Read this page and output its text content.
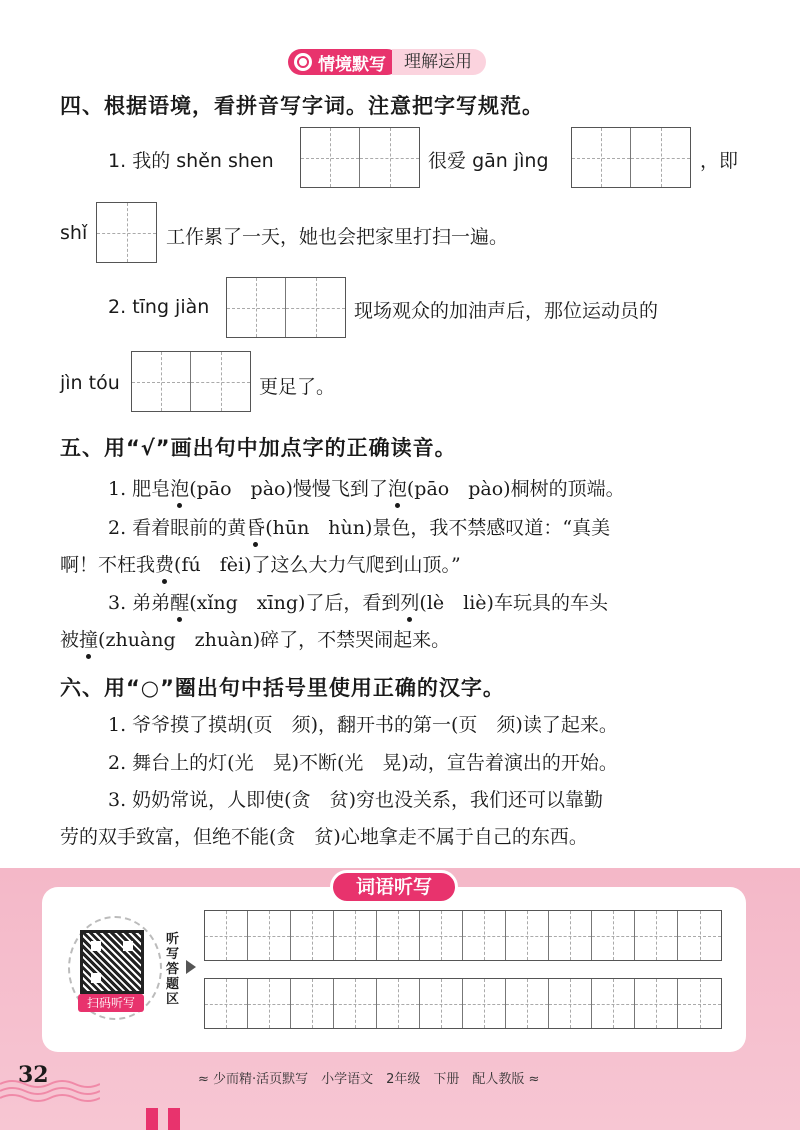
情境默写	理解运用
四、根据语境，看拼音写字词。注意把字写规范。
1. 我的 shěn shen	很爱 gān jìng	，即
shǐ	工作累了一天，她也会把家里打扫一遍。
2. tīng jiàn	现场观众的加油声后，那位运动员的
jìn tóu	更足了。
五、用“√”画出句中加点字的正确读音。
1. 肥皂泡(pāo　pào)慢慢飞到了泡(pāo　pào)桐树的顶端。
2. 看着眼前的黄昏(hūn　hùn)景色，我不禁感叹道：“真美
啊！不枉我费(fú　fèi)了这么大力气爬到山顶。”
3. 弟弟醒(xǐng　xīng)了后，看到列(lè　liè)车玩具的车头
被撞(zhuàng　zhuàn)碎了，不禁哭闹起来。
六、用“○”圈出句中括号里使用正确的汉字。
1. 爷爷摸了摸胡(页　须)，翻开书的第一(页　须)读了起来。
2. 舞台上的灯(光　晃)不断(光　晃)动，宣告着演出的开始。
3. 奶奶常说，人即使(贪　贫)穷也没关系，我们还可以靠勤
劳的双手致富，但绝不能(贪　贫)心地拿走不属于自己的东西。
词语听写
扫码听写
听
写
答
题
区
32	≈ 少而精·活页默写　小学语文　2年级　下册　配人教版 ≈
